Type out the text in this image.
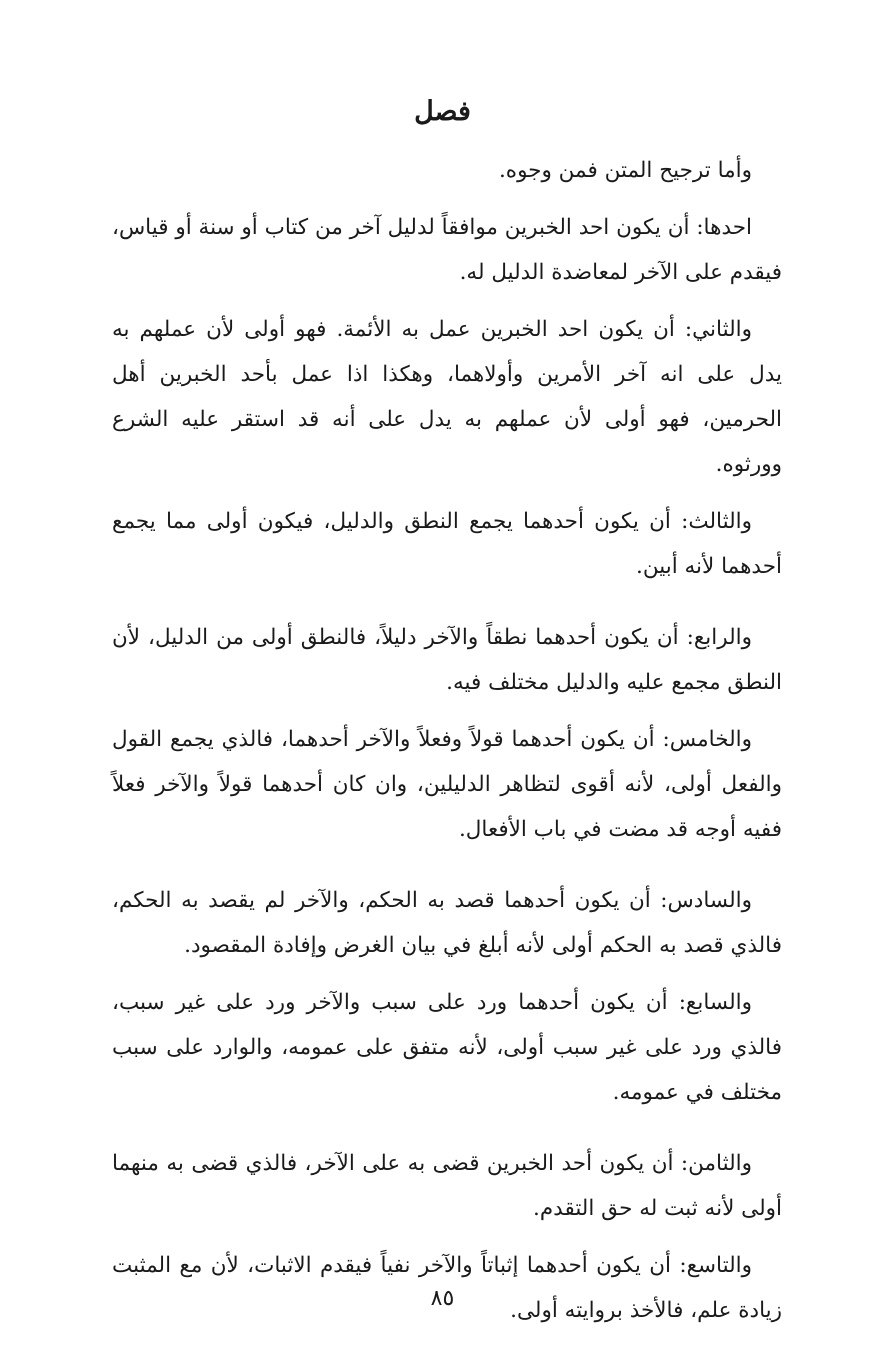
فصل

وأما ترجيح المتن فمن وجوه.

احدها: أن يكون احد الخبرين موافقاً لدليل آخر من كتاب أو سنة أو قياس، فيقدم على الآخر لمعاضدة الدليل له.

والثاني: أن يكون احد الخبرين عمل به الأئمة. فهو أولى لأن عملهم به يدل على انه آخر الأمرين وأولاهما، وهكذا اذا عمل بأحد الخبرين أهل الحرمين، فهو أولى لأن عملهم به يدل على أنه قد استقر عليه الشرع وورثوه.

والثالث: أن يكون أحدهما يجمع النطق والدليل، فيكون أولى مما يجمع أحدهما لأنه أبين.

والرابع: أن يكون أحدهما نطقاً والآخر دليلاً، فالنطق أولى من الدليل، لأن النطق مجمع عليه والدليل مختلف فيه.

والخامس: أن يكون أحدهما قولاً وفعلاً والآخر أحدهما، فالذي يجمع القول والفعل أولى، لأنه أقوى لتظاهر الدليلين، وان كان أحدهما قولاً والآخر فعلاً ففيه أوجه قد مضت في باب الأفعال.

والسادس: أن يكون أحدهما قصد به الحكم، والآخر لم يقصد به الحكم، فالذي قصد به الحكم أولى لأنه أبلغ في بيان الغرض وإفادة المقصود.

والسابع: أن يكون أحدهما ورد على سبب والآخر ورد على غير سبب، فالذي ورد على غير سبب أولى، لأنه متفق على عمومه، والوارد على سبب مختلف في عمومه.

والثامن: أن يكون أحد الخبرين قضى به على الآخر، فالذي قضى به منهما أولى لأنه ثبت له حق التقدم.

والتاسع: أن يكون أحدهما إثباتاً والآخر نفياً فيقدم الاثبات، لأن مع المثبت زيادة علم، فالأخذ بروايته أولى.

٨٥
